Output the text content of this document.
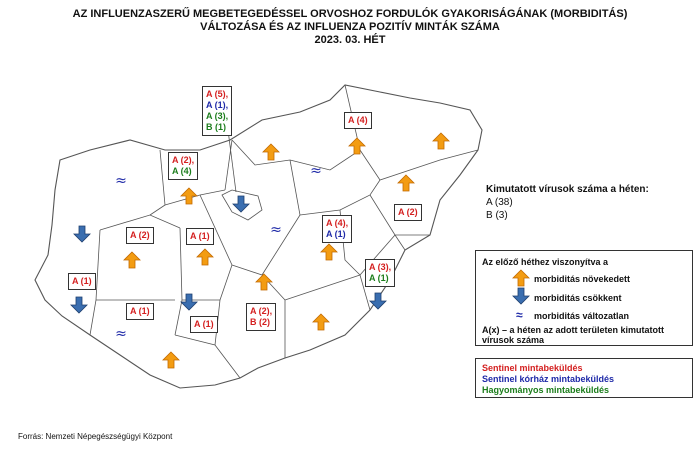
AZ INFLUENZASZERŰ MEGBETEGEDÉSSEL ORVOSHOZ FORDULÓK GYAKORISÁGÁNAK (MORBIDITÁS)
VÁLTOZÁSA ÉS AZ INFLUENZA POZITÍV MINTÁK SZÁMA
2023. 03. HÉT
≈
≈
≈
≈
A (5),
A (1),
A (3),
B (1)
A (2),
A (4)
A (2)	A (1)
A (1)
A (1)
A (1)
A (2),
B (2)
A (4)
A (2)
A (4),
A (1)
A (3),
A (1)
Kimutatott vírusok száma a héten:
A (38)
B (3)
Az előző héthez viszonyítva a
morbiditás növekedett
morbiditás csökkent
≈ morbiditás változatlan
A(x) – a héten az adott területen kimutatott
vírusok száma
Sentinel mintabeküldés
Sentinel kórház mintabeküldés
Hagyományos mintabeküldés
Forrás: Nemzeti Népegészségügyi Központ
